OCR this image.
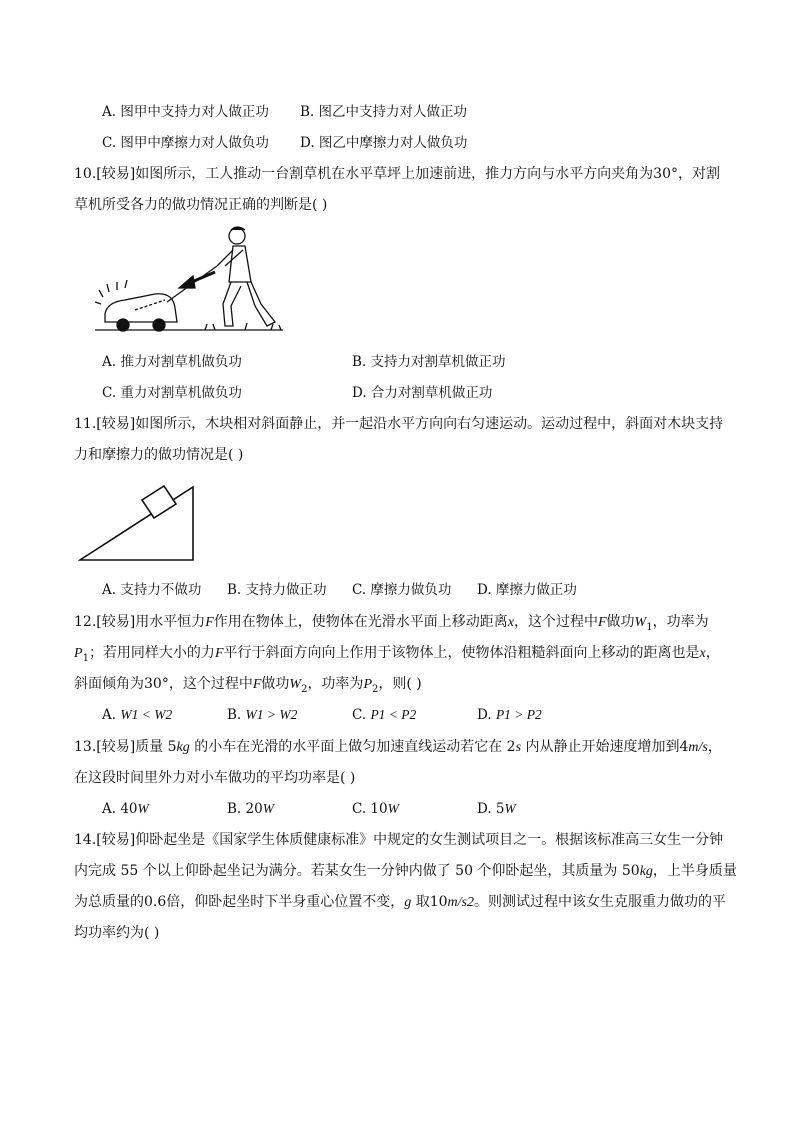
A. 图甲中支持力对人做正功 B. 图乙中支持力对人做正功
C. 图甲中摩擦力对人做负功 D. 图乙中摩擦力对人做负功
10.[较易]如图所示，工人推动一台割草机在水平草坪上加速前进，推力方向与水平方向夹角为30°，对割
草机所受各力的做功情况正确的判断是( )
A. 推力对割草机做负功	B. 支持力对割草机做正功
C. 重力对割草机做负功	D. 合力对割草机做正功
11.[较易]如图所示，木块相对斜面静止，并一起沿水平方向向右匀速运动。运动过程中，斜面对木块支持
力和摩擦力的做功情况是( )
A. 支持力不做功 B. 支持力做正功 C. 摩擦力做负功 D. 摩擦力做正功
12.[较易]用水平恒力F作用在物体上，使物体在光滑水平面上移动距离x，这个过程中F做功$W_1$，功率为
$P_1$；若用同样大小的力F平行于斜面方向向上作用于该物体上，使物体沿粗糙斜面向上移动的距离也是x，
斜面倾角为30°，这个过程中F做功$W_2$，功率为$P_2$，则( )
A. W1 < W2	B. W1 > W2	C. P1 < P2	D. P1 > P2
13.[较易]质量 5kg 的小车在光滑的水平面上做匀加速直线运动若它在 2s 内从静止开始速度增加到4m/s，
在这段时间里外力对小车做功的平均功率是( )
A. 40W	B. 20W	C. 10W	D. 5W
14.[较易]仰卧起坐是《国家学生体质健康标准》中规定的女生测试项目之一。根据该标准高三女生一分钟
内完成 55 个以上仰卧起坐记为满分。若某女生一分钟内做了 50 个仰卧起坐，其质量为 50kg，上半身质量
为总质量的0.6倍，仰卧起坐时下半身重心位置不变，g 取10m/s2。则测试过程中该女生克服重力做功的平
均功率约为( )
